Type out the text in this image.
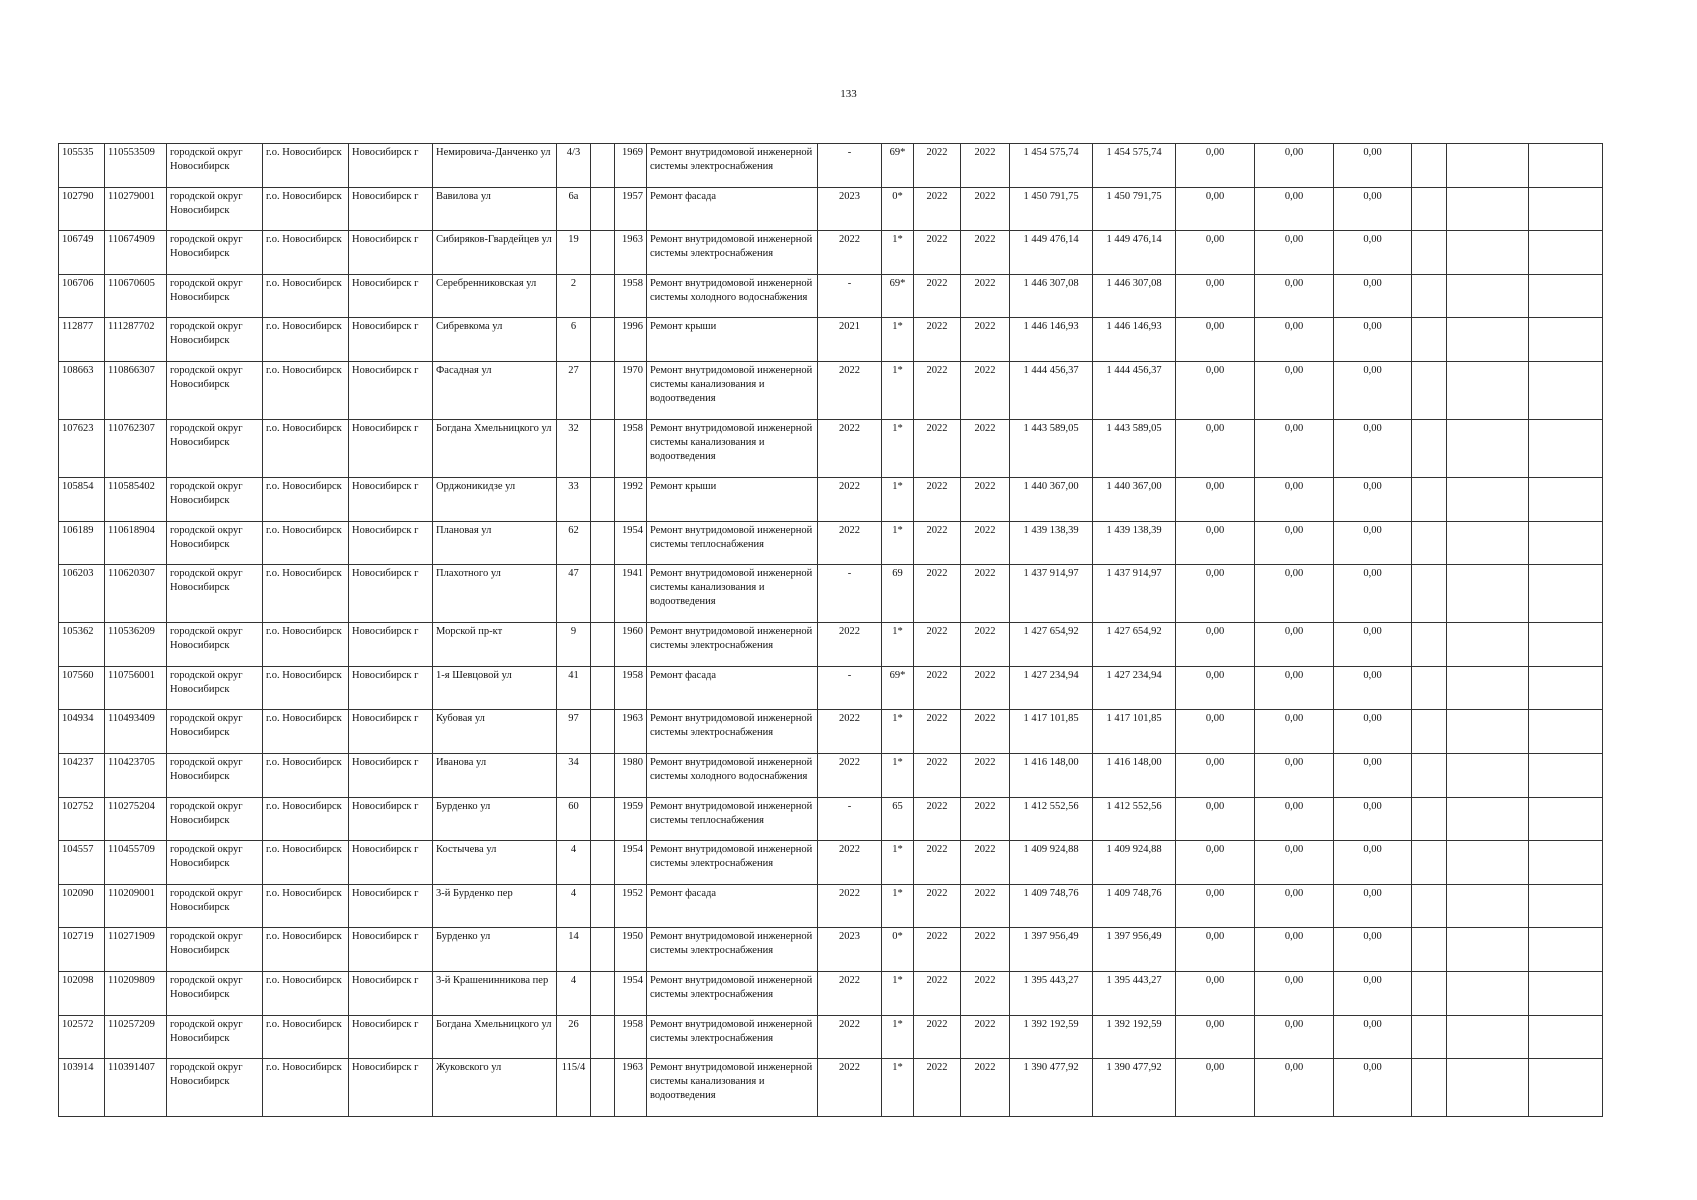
133
105535	110553509	городской округ Новосибирск	г.о. Новосибирск	Новосибирск г	Немировича-Данченко ул	4/3		1969	Ремонт внутридомовой инженерной системы электроснабжения	-	69*	2022	2022	1 454 575,74	1 454 575,74	0,00	0,00	0,00			
102790	110279001	городской округ Новосибирск	г.о. Новосибирск	Новосибирск г	Вавилова ул	6а		1957	Ремонт фасада	2023	0*	2022	2022	1 450 791,75	1 450 791,75	0,00	0,00	0,00			
106749	110674909	городской округ Новосибирск	г.о. Новосибирск	Новосибирск г	Сибиряков-Гвардейцев ул	19		1963	Ремонт внутридомовой инженерной системы электроснабжения	2022	1*	2022	2022	1 449 476,14	1 449 476,14	0,00	0,00	0,00			
106706	110670605	городской округ Новосибирск	г.о. Новосибирск	Новосибирск г	Серебренниковская ул	2		1958	Ремонт внутридомовой инженерной системы холодного водоснабжения	-	69*	2022	2022	1 446 307,08	1 446 307,08	0,00	0,00	0,00			
112877	111287702	городской округ Новосибирск	г.о. Новосибирск	Новосибирск г	Сибревкома ул	6		1996	Ремонт крыши	2021	1*	2022	2022	1 446 146,93	1 446 146,93	0,00	0,00	0,00			
108663	110866307	городской округ Новосибирск	г.о. Новосибирск	Новосибирск г	Фасадная ул	27		1970	Ремонт внутридомовой инженерной системы канализования и водоотведения	2022	1*	2022	2022	1 444 456,37	1 444 456,37	0,00	0,00	0,00			
107623	110762307	городской округ Новосибирск	г.о. Новосибирск	Новосибирск г	Богдана Хмельницкого ул	32		1958	Ремонт внутридомовой инженерной системы канализования и водоотведения	2022	1*	2022	2022	1 443 589,05	1 443 589,05	0,00	0,00	0,00			
105854	110585402	городской округ Новосибирск	г.о. Новосибирск	Новосибирск г	Орджоникидзе ул	33		1992	Ремонт крыши	2022	1*	2022	2022	1 440 367,00	1 440 367,00	0,00	0,00	0,00			
106189	110618904	городской округ Новосибирск	г.о. Новосибирск	Новосибирск г	Плановая ул	62		1954	Ремонт внутридомовой инженерной системы теплоснабжения	2022	1*	2022	2022	1 439 138,39	1 439 138,39	0,00	0,00	0,00			
106203	110620307	городской округ Новосибирск	г.о. Новосибирск	Новосибирск г	Плахотного ул	47		1941	Ремонт внутридомовой инженерной системы канализования и водоотведения	-	69	2022	2022	1 437 914,97	1 437 914,97	0,00	0,00	0,00			
105362	110536209	городской округ Новосибирск	г.о. Новосибирск	Новосибирск г	Морской пр-кт	9		1960	Ремонт внутридомовой инженерной системы электроснабжения	2022	1*	2022	2022	1 427 654,92	1 427 654,92	0,00	0,00	0,00			
107560	110756001	городской округ Новосибирск	г.о. Новосибирск	Новосибирск г	1-я Шевцовой ул	41		1958	Ремонт фасада	-	69*	2022	2022	1 427 234,94	1 427 234,94	0,00	0,00	0,00			
104934	110493409	городской округ Новосибирск	г.о. Новосибирск	Новосибирск г	Кубовая ул	97		1963	Ремонт внутридомовой инженерной системы электроснабжения	2022	1*	2022	2022	1 417 101,85	1 417 101,85	0,00	0,00	0,00			
104237	110423705	городской округ Новосибирск	г.о. Новосибирск	Новосибирск г	Иванова ул	34		1980	Ремонт внутридомовой инженерной системы холодного водоснабжения	2022	1*	2022	2022	1 416 148,00	1 416 148,00	0,00	0,00	0,00			
102752	110275204	городской округ Новосибирск	г.о. Новосибирск	Новосибирск г	Бурденко ул	60		1959	Ремонт внутридомовой инженерной системы теплоснабжения	-	65	2022	2022	1 412 552,56	1 412 552,56	0,00	0,00	0,00			
104557	110455709	городской округ Новосибирск	г.о. Новосибирск	Новосибирск г	Костычева ул	4		1954	Ремонт внутридомовой инженерной системы электроснабжения	2022	1*	2022	2022	1 409 924,88	1 409 924,88	0,00	0,00	0,00			
102090	110209001	городской округ Новосибирск	г.о. Новосибирск	Новосибирск г	3-й Бурденко пер	4		1952	Ремонт фасада	2022	1*	2022	2022	1 409 748,76	1 409 748,76	0,00	0,00	0,00			
102719	110271909	городской округ Новосибирск	г.о. Новосибирск	Новосибирск г	Бурденко ул	14		1950	Ремонт внутридомовой инженерной системы электроснабжения	2023	0*	2022	2022	1 397 956,49	1 397 956,49	0,00	0,00	0,00			
102098	110209809	городской округ Новосибирск	г.о. Новосибирск	Новосибирск г	3-й Крашенинникова пер	4		1954	Ремонт внутридомовой инженерной системы электроснабжения	2022	1*	2022	2022	1 395 443,27	1 395 443,27	0,00	0,00	0,00			
102572	110257209	городской округ Новосибирск	г.о. Новосибирск	Новосибирск г	Богдана Хмельницкого ул	26		1958	Ремонт внутридомовой инженерной системы электроснабжения	2022	1*	2022	2022	1 392 192,59	1 392 192,59	0,00	0,00	0,00			
103914	110391407	городской округ Новосибирск	г.о. Новосибирск	Новосибирск г	Жуковского ул	115/4		1963	Ремонт внутридомовой инженерной системы канализования и водоотведения	2022	1*	2022	2022	1 390 477,92	1 390 477,92	0,00	0,00	0,00			
